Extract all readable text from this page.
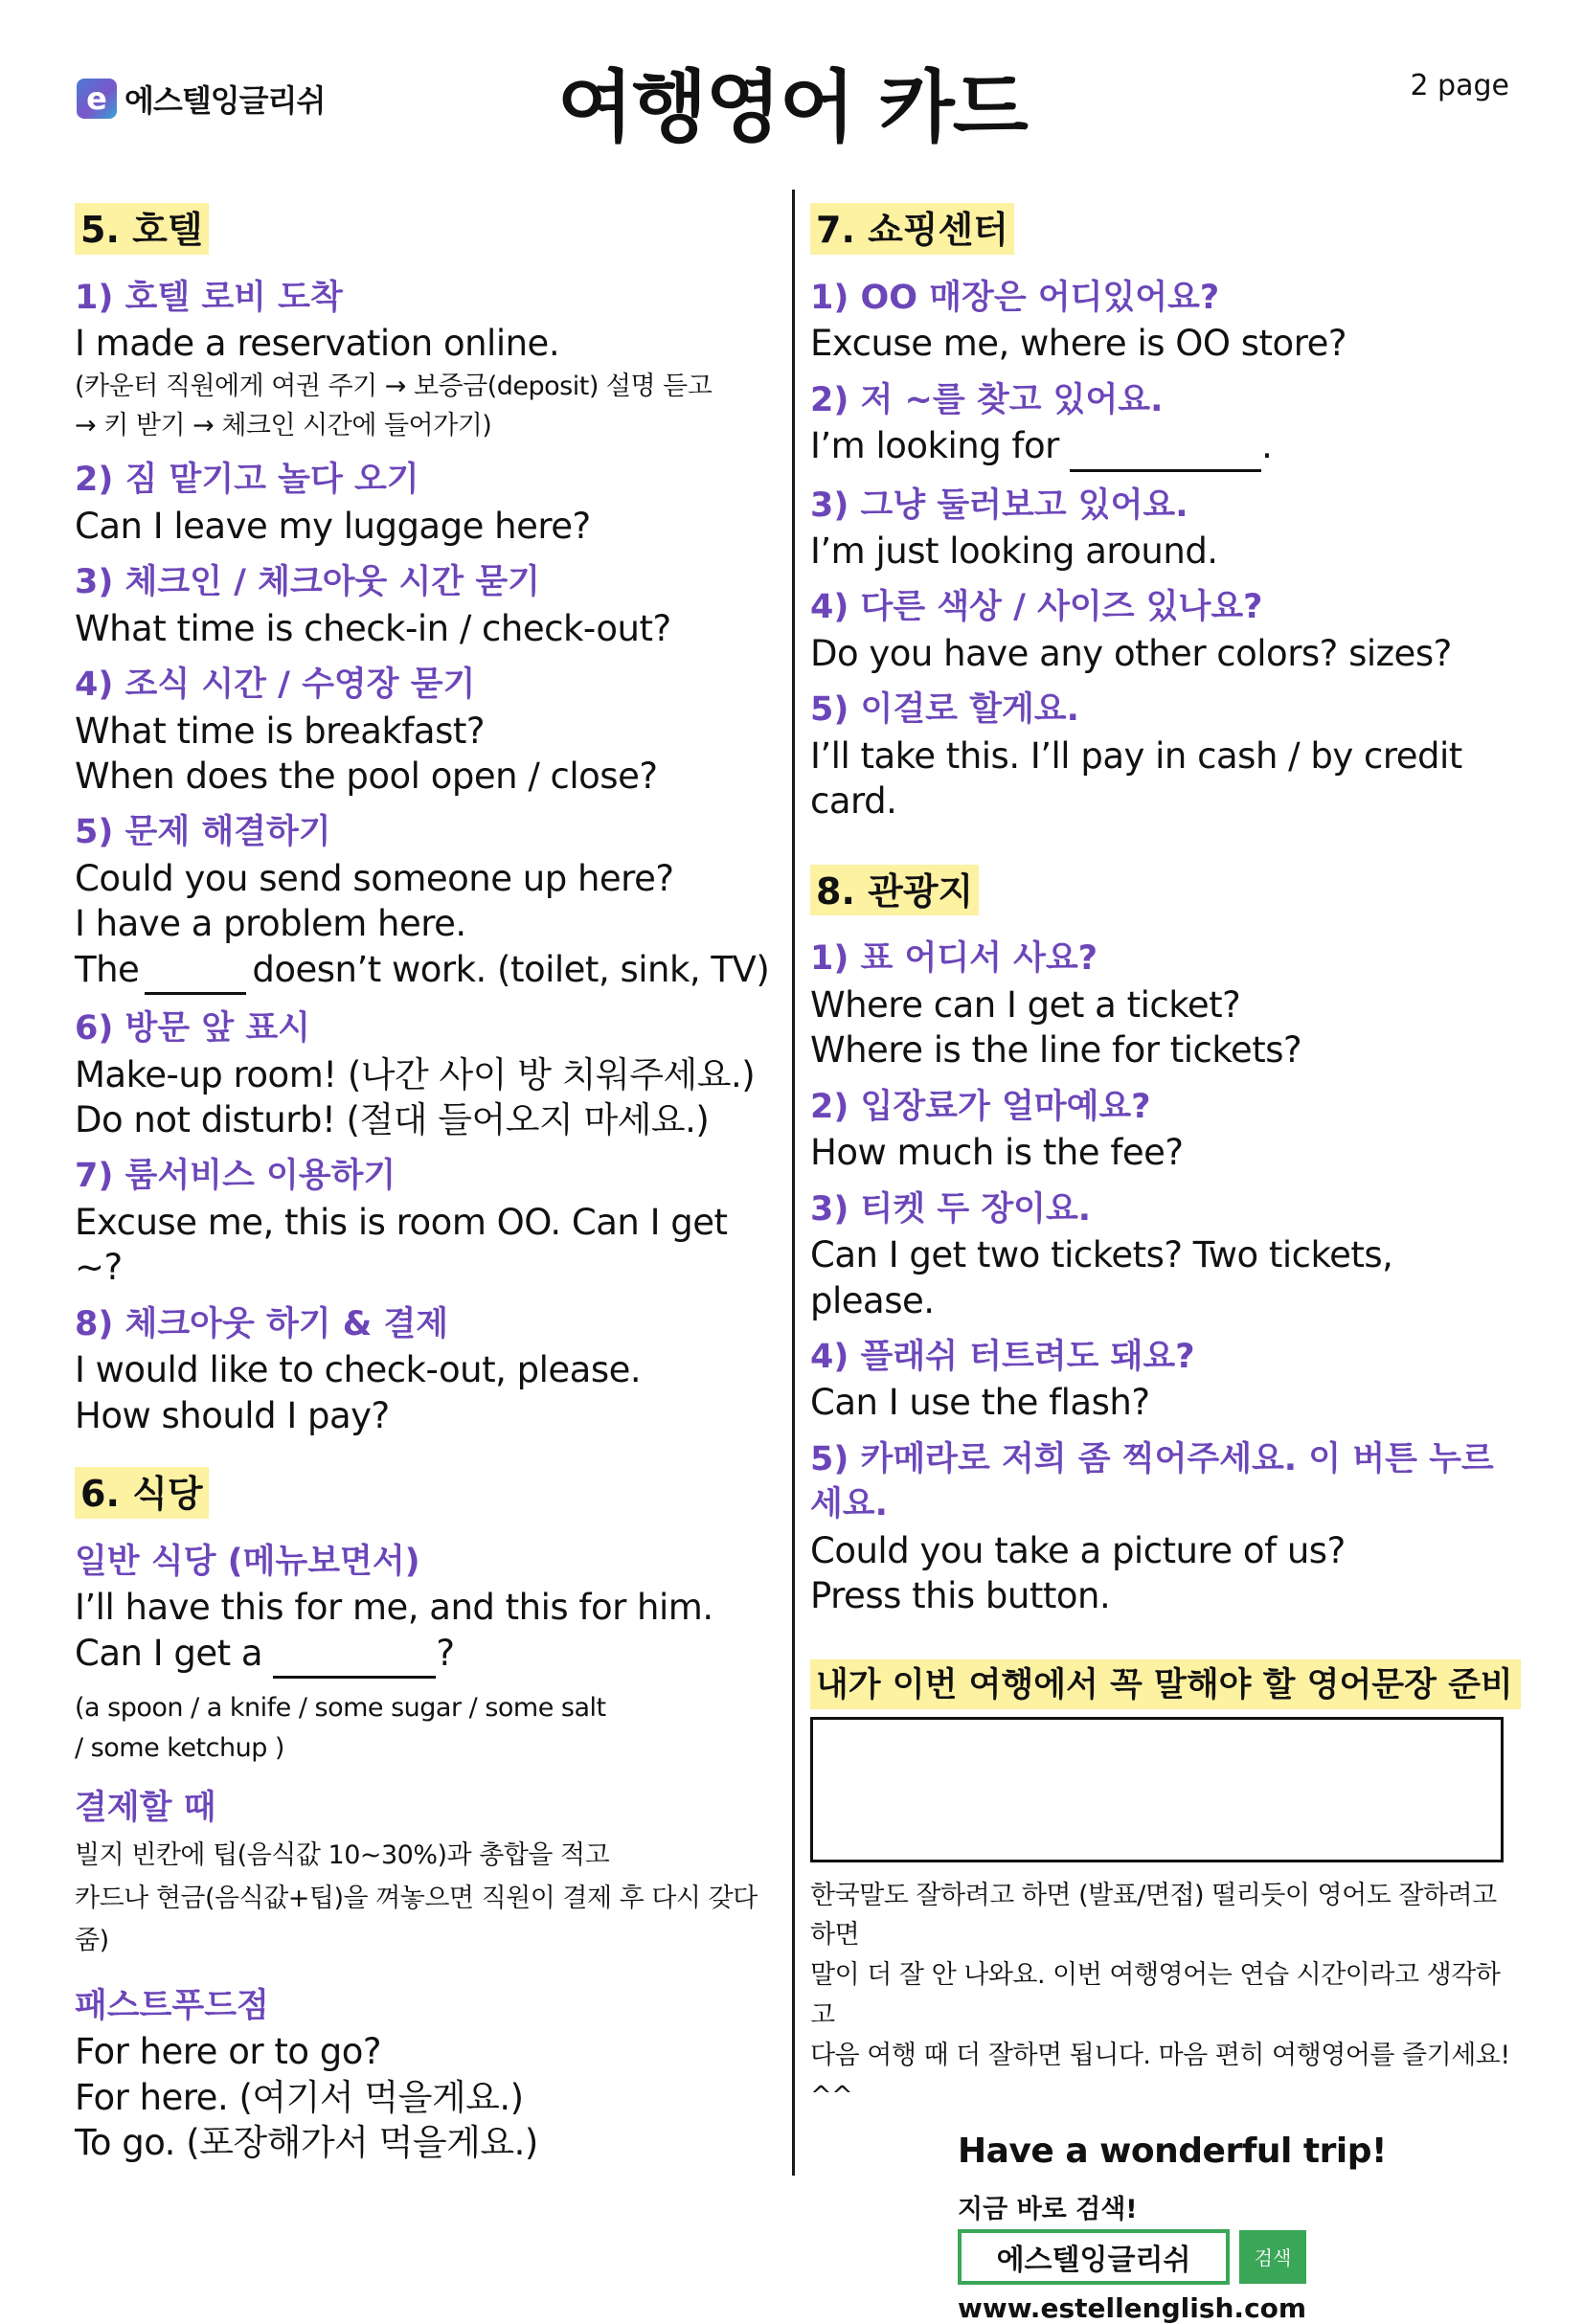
e 에스텔잉글리쉬	여행영어 카드	2 page
5. 호텔
1) 호텔 로비 도착
I made a reservation online.
(카운터 직원에게 여권 주기 → 보증금(deposit) 설명 듣고
→ 키 받기 → 체크인 시간에 들어가기)
2) 짐 맡기고 놀다 오기
Can I leave my luggage here?
3) 체크인 / 체크아웃 시간 묻기
What time is check-in / check-out?
4) 조식 시간 / 수영장 묻기
What time is breakfast?
When does the pool open / close?
5) 문제 해결하기
Could you send someone up here?
I have a problem here.
The	doesn’t work. (toilet, sink, TV)
6) 방문 앞 표시
Make-up room! (나간 사이 방 치워주세요.)
Do not disturb! (절대 들어오지 마세요.)
7) 룸서비스 이용하기
Excuse me, this is room OO. Can I get ~?
8) 체크아웃 하기 & 결제
I would like to check-out, please.
How should I pay?
6. 식당
일반 식당 (메뉴보면서)
I’ll have this for me, and this for him.
Can I get a	?
(a spoon / a knife / some sugar / some salt
/ some ketchup )
결제할 때
빌지 빈칸에 팁(음식값 10~30%)과 총합을 적고
카드나 현금(음식값+팁)을 껴놓으면 직원이 결제 후 다시 갖다 줌)
패스트푸드점
For here or to go?
For here. (여기서 먹을게요.)
To go. (포장해가서 먹을게요.)
7. 쇼핑센터
1) OO 매장은 어디있어요?
Excuse me, where is OO store?
2) 저 ~를 찾고 있어요.
I’m looking for	.
3) 그냥 둘러보고 있어요.
I’m just looking around.
4) 다른 색상 / 사이즈 있나요?
Do you have any other colors? sizes?
5) 이걸로 할게요.
I’ll take this. I’ll pay in cash / by credit card.
8. 관광지
1) 표 어디서 사요?
Where can I get a ticket?
Where is the line for tickets?
2) 입장료가 얼마예요?
How much is the fee?
3) 티켓 두 장이요.
Can I get two tickets? Two tickets, please.
4) 플래쉬 터트려도 돼요?
Can I use the flash?
5) 카메라로 저희 좀 찍어주세요. 이 버튼 누르세요.
Could you take a picture of us?
Press this button.
내가 이번 여행에서 꼭 말해야 할 영어문장 준비
한국말도 잘하려고 하면 (발표/면접) 떨리듯이 영어도 잘하려고 하면
말이 더 잘 안 나와요. 이번 여행영어는 연습 시간이라고 생각하고
다음 여행 때 더 잘하면 됩니다. 마음 편히 여행영어를 즐기세요! ^^
Have a wonderful trip!
지금 바로 검색!
에스텔잉글리쉬	검색
www.estellenglish.com
